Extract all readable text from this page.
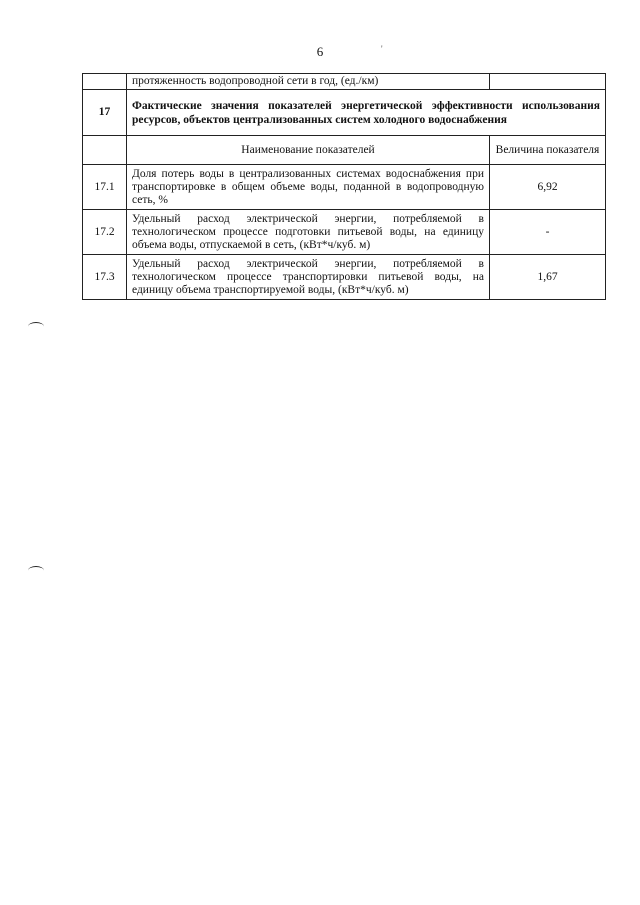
6	'
	протяженность водопроводной сети в год, (ед./км)	
17	Фактические значения показателей энергетической эффективности использования ресурсов, объектов централизованных систем холодного водоснабжения	
	Наименование показателей	Величина показателя
17.1	Доля потерь воды в централизованных системах водоснабжения при транспортировке в общем объеме воды, поданной в водопроводную сеть, %	6,92
17.2	Удельный расход электрической энергии, потребляемой в технологическом процессе подготовки питьевой воды, на единицу объема воды, отпускаемой в сеть, (кВт*ч/куб. м)	-
17.3	Удельный расход электрической энергии, потребляемой в технологическом процессе транспортировки питьевой воды, на единицу объема транспортируемой воды, (кВт*ч/куб. м)	1,67
